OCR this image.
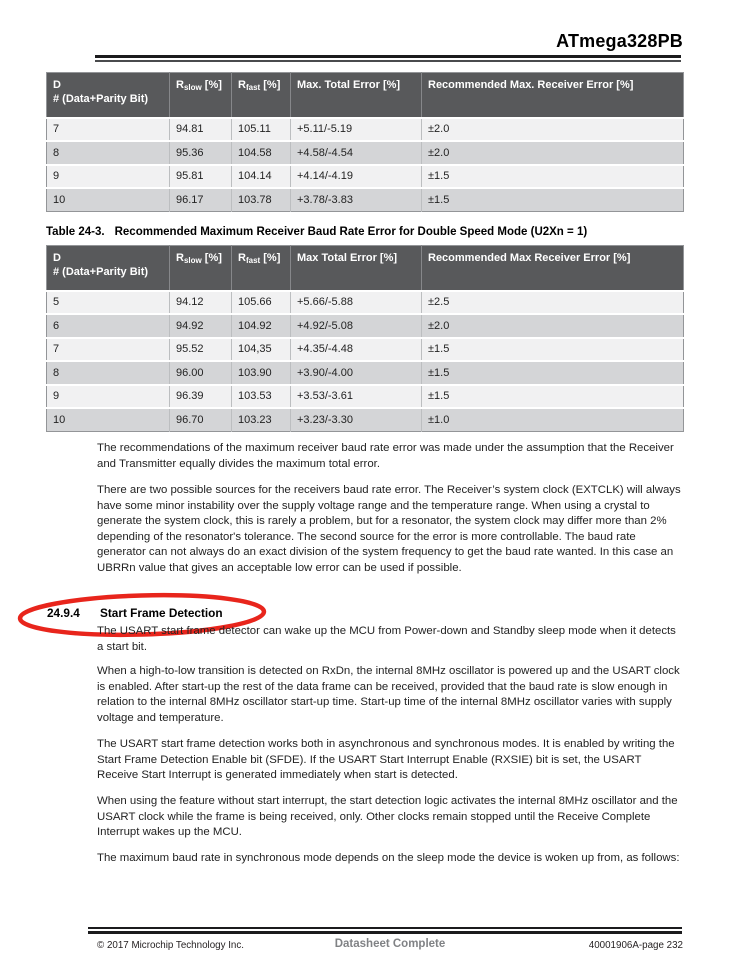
ATmega328PB
D
# (Data+Parity Bit)	$R_{slow}$ [%]	$R_{fast}$ [%]	Max. Total Error [%]	Recommended Max. Receiver Error [%]
7	94.81	105.11	+5.11/-5.19	±2.0
8	95.36	104.58	+4.58/-4.54	±2.0
9	95.81	104.14	+4.14/-4.19	±1.5
10	96.17	103.78	+3.78/-3.83	±1.5
Table 24-3. Recommended Maximum Receiver Baud Rate Error for Double Speed Mode (U2Xn = 1)
D
# (Data+Parity Bit)	$R_{slow}$ [%]	$R_{fast}$ [%]	Max Total Error [%]	Recommended Max Receiver Error [%]
5	94.12	105.66	+5.66/-5.88	±2.5
6	94.92	104.92	+4.92/-5.08	±2.0
7	95.52	104,35	+4.35/-4.48	±1.5
8	96.00	103.90	+3.90/-4.00	±1.5
9	96.39	103.53	+3.53/-3.61	±1.5
10	96.70	103.23	+3.23/-3.30	±1.0
The recommendations of the maximum receiver baud rate error was made under the assumption that the Receiver and Transmitter equally divides the maximum total error.
There are two possible sources for the receivers baud rate error. The Receiver’s system clock (EXTCLK) will always have some minor instability over the supply voltage range and the temperature range. When using a crystal to generate the system clock, this is rarely a problem, but for a resonator, the system clock may differ more than 2% depending of the resonator's tolerance. The second source for the error is more controllable. The baud rate generator can not always do an exact division of the system frequency to get the baud rate wanted. In this case an UBRRn value that gives an acceptable low error can be used if possible.
24.9.4	Start Frame Detection
The USART start frame detector can wake up the MCU from Power-down and Standby sleep mode when it detects a start bit.
When a high-to-low transition is detected on RxDn, the internal 8MHz oscillator is powered up and the USART clock is enabled. After start-up the rest of the data frame can be received, provided that the baud rate is slow enough in relation to the internal 8MHz oscillator start-up time. Start-up time of the internal 8MHz oscillator varies with supply voltage and temperature.
The USART start frame detection works both in asynchronous and synchronous modes. It is enabled by writing the Start Frame Detection Enable bit (SFDE). If the USART Start Interrupt Enable (RXSIE) bit is set, the USART Receive Start Interrupt is generated immediately when start is detected.
When using the feature without start interrupt, the start detection logic activates the internal 8MHz oscillator and the USART clock while the frame is being received, only. Other clocks remain stopped until the Receive Complete Interrupt wakes up the MCU.
The maximum baud rate in synchronous mode depends on the sleep mode the device is woken up from, as follows:
© 2017 Microchip Technology Inc.	Datasheet Complete	40001906A-page 232
